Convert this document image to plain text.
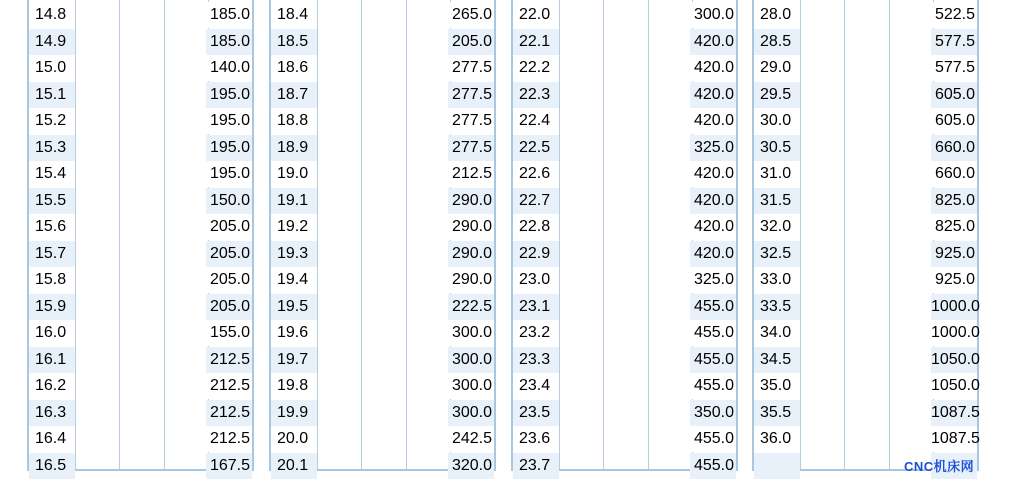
14.8	185.0
14.9	185.0
15.0	140.0
15.1	195.0
15.2	195.0
15.3	195.0
15.4	195.0
15.5	150.0
15.6	205.0
15.7	205.0
15.8	205.0
15.9	205.0
16.0	155.0
16.1	212.5
16.2	212.5
16.3	212.5
16.4	212.5
16.5	167.5
18.4	265.0
18.5	205.0
18.6	277.5
18.7	277.5
18.8	277.5
18.9	277.5
19.0	212.5
19.1	290.0
19.2	290.0
19.3	290.0
19.4	290.0
19.5	222.5
19.6	300.0
19.7	300.0
19.8	300.0
19.9	300.0
20.0	242.5
20.1	320.0
22.0	300.0
22.1	420.0
22.2	420.0
22.3	420.0
22.4	420.0
22.5	325.0
22.6	420.0
22.7	420.0
22.8	420.0
22.9	420.0
23.0	325.0
23.1	455.0
23.2	455.0
23.3	455.0
23.4	455.0
23.5	350.0
23.6	455.0
23.7	455.0
28.0	522.5
28.5	577.5
29.0	577.5
29.5	605.0
30.0	605.0
30.5	660.0
31.0	660.0
31.5	825.0
32.0	825.0
32.5	925.0
33.0	925.0
33.5	1000.0
34.0	1000.0
34.5	1050.0
35.0	1050.0
35.5	1087.5
36.0	1087.5
CNC机床网
